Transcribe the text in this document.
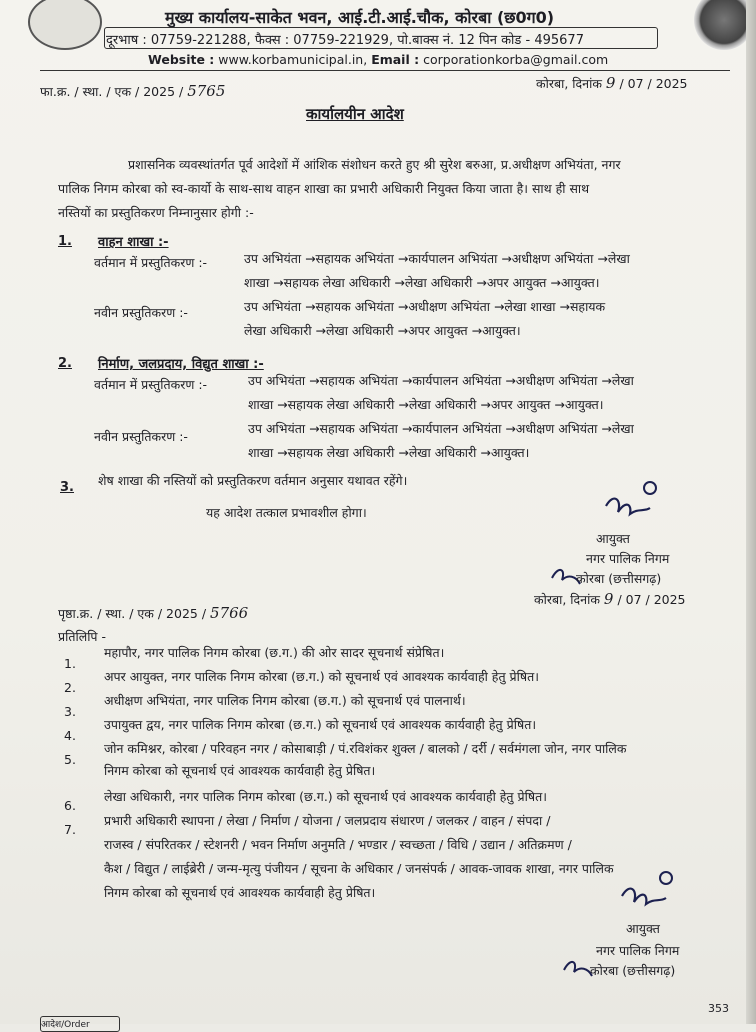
मुख्य कार्यालय-साकेत भवन, आई.टी.आई.चौक, कोरबा (छ0ग0)
दूरभाष : 07759-221288, फैक्स : 07759-221929, पो.बाक्स नं. 12 पिन कोड - 495677
Website : www.korbamunicipal.in, Email : corporationkorba@gmail.com
फा.क्र. / स्था. / एक / 2025 / 5765	कोरबा, दिनांक 9 / 07 / 2025
कार्यालयीन आदेश
प्रशासनिक व्यवस्थांतर्गत पूर्व आदेशों में आंशिक संशोधन करते हुए श्री सुरेश बरुआ, प्र.अधीक्षण अभियंता, नगर
पालिक निगम कोरबा को स्व-कार्यो के साथ-साथ वाहन शाखा का प्रभारी अधिकारी नियुक्त किया जाता है। साथ ही साथ
नस्तियों का प्रस्तुतिकरण निम्नानुसार होगी :-
1. वाहन शाखा :-
वर्तमान में प्रस्तुतिकरण :-	उप अभियंता →सहायक अभियंता →कार्यपालन अभियंता →अधीक्षण अभियंता →लेखा
शाखा →सहायक लेखा अधिकारी →लेखा अधिकारी →अपर आयुक्त →आयुक्त।
नवीन प्रस्तुतिकरण :-	उप अभियंता →सहायक अभियंता →अधीक्षण अभियंता →लेखा शाखा →सहायक
लेखा अधिकारी →लेखा अधिकारी →अपर आयुक्त →आयुक्त।
2. निर्माण, जलप्रदाय, विद्युत शाखा :-
वर्तमान में प्रस्तुतिकरण :-	उप अभियंता →सहायक अभियंता →कार्यपालन अभियंता →अधीक्षण अभियंता →लेखा
शाखा →सहायक लेखा अधिकारी →लेखा अधिकारी →अपर आयुक्त →आयुक्त।
नवीन प्रस्तुतिकरण :-
उप अभियंता →सहायक अभियंता →कार्यपालन अभियंता →अधीक्षण अभियंता →लेखा
शाखा →सहायक लेखा अधिकारी →लेखा अधिकारी →आयुक्त।
3. शेष शाखा की नस्तियों को प्रस्तुतिकरण वर्तमान अनुसार यथावत रहेंगे।
यह आदेश तत्काल प्रभावशील होगा।
आयुक्त
नगर पालिक निगम
कोरबा (छत्तीसगढ़)
पृष्ठा.क्र. / स्था. / एक / 2025 / 5766
कोरबा, दिनांक 9 / 07 / 2025
प्रतिलिपि -
1.
महापौर, नगर पालिक निगम कोरबा (छ.ग.) की ओर सादर सूचनार्थ संप्रेषित।
2.
अपर आयुक्त, नगर पालिक निगम कोरबा (छ.ग.) को सूचनार्थ एवं आवश्यक कार्यवाही हेतु प्रेषित।
3.
अधीक्षण अभियंता, नगर पालिक निगम कोरबा (छ.ग.) को सूचनार्थ एवं पालनार्थ।
4.
उपायुक्त द्वय, नगर पालिक निगम कोरबा (छ.ग.) को सूचनार्थ एवं आवश्यक कार्यवाही हेतु प्रेषित।
5.
जोन कमिश्नर, कोरबा / परिवहन नगर / कोसाबाड़ी / पं.रविशंकर शुक्ल / बालको / दर्री / सर्वमंगला जोन, नगर पालिक
निगम कोरबा को सूचनार्थ एवं आवश्यक कार्यवाही हेतु प्रेषित।
6.
लेखा अधिकारी, नगर पालिक निगम कोरबा (छ.ग.) को सूचनार्थ एवं आवश्यक कार्यवाही हेतु प्रेषित।
7.
प्रभारी अधिकारी स्थापना / लेखा / निर्माण / योजना / जलप्रदाय संधारण / जलकर / वाहन / संपदा /
राजस्व / संपरितकर / स्टेशनरी / भवन निर्माण अनुमति / भण्डार / स्वच्छता / विधि / उद्यान / अतिक्रमण /
कैश / विद्युत / लाईब्रेरी / जन्म-मृत्यु पंजीयन / सूचना के अधिकार / जनसंपर्क / आवक-जावक शाखा, नगर पालिक
निगम कोरबा को सूचनार्थ एवं आवश्यक कार्यवाही हेतु प्रेषित।
आयुक्त
नगर पालिक निगम
कोरबा (छत्तीसगढ़)
353
आदेश/Order
